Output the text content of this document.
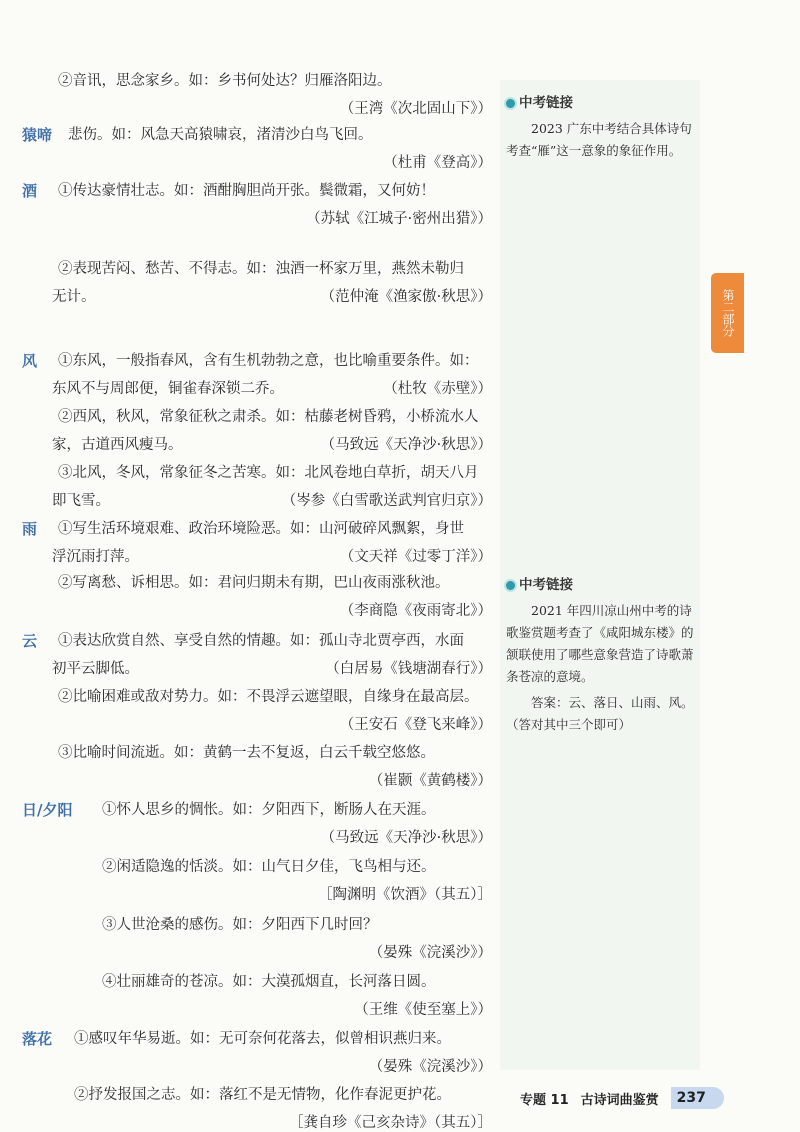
②音讯，思念家乡。如：乡书何处达？归雁洛阳边。
（王湾《次北固山下》）
猿啼 悲伤。如：风急天高猿啸哀，渚清沙白鸟飞回。
（杜甫《登高》）
酒 ①传达豪情壮志。如：酒酣胸胆尚开张。鬓微霜，又何妨！
（苏轼《江城子·密州出猎》）
②表现苦闷、愁苦、不得志。如：浊酒一杯家万里，燕然未勒归
无计。	（范仲淹《渔家傲·秋思》）
风 ①东风，一般指春风，含有生机勃勃之意，也比喻重要条件。如：
东风不与周郎便，铜雀春深锁二乔。	（杜牧《赤壁》）
②西风，秋风，常象征秋之肃杀。如：枯藤老树昏鸦，小桥流水人
家，古道西风瘦马。	（马致远《天净沙·秋思》）
③北风，冬风，常象征冬之苦寒。如：北风卷地白草折，胡天八月
即飞雪。	（岑参《白雪歌送武判官归京》）
雨 ①写生活环境艰难、政治环境险恶。如：山河破碎风飘絮，身世
浮沉雨打萍。	（文天祥《过零丁洋》）
②写离愁、诉相思。如：君问归期未有期，巴山夜雨涨秋池。
（李商隐《夜雨寄北》）
云 ①表达欣赏自然、享受自然的情趣。如：孤山寺北贾亭西，水面
初平云脚低。	（白居易《钱塘湖春行》）
②比喻困难或敌对势力。如：不畏浮云遮望眼，自缘身在最高层。
（王安石《登飞来峰》）
③比喻时间流逝。如：黄鹤一去不复返，白云千载空悠悠。
（崔颢《黄鹤楼》）
日/夕阳 ①怀人思乡的惆怅。如：夕阳西下，断肠人在天涯。
（马致远《天净沙·秋思》）
②闲适隐逸的恬淡。如：山气日夕佳，飞鸟相与还。
［陶渊明《饮酒》（其五）］
③人世沧桑的感伤。如：夕阳西下几时回？
（晏殊《浣溪沙》）
④壮丽雄奇的苍凉。如：大漠孤烟直，长河落日圆。
（王维《使至塞上》）
落花 ①感叹年华易逝。如：无可奈何花落去，似曾相识燕归来。
（晏殊《浣溪沙》）
②抒发报国之志。如：落红不是无情物，化作春泥更护花。
［龚自珍《己亥杂诗》（其五）］
中考链接

2023 广东中考结合具体诗句考查“雁”这一意象的象征作用。

中考链接

2021 年四川凉山州中考的诗歌鉴赏题考查了《咸阳城东楼》的颔联使用了哪些意象营造了诗歌萧条苍凉的意境。

答案：云、落日、山雨、风。（答对其中三个即可）

第二部分
专题 11 古诗词曲鉴赏	237
